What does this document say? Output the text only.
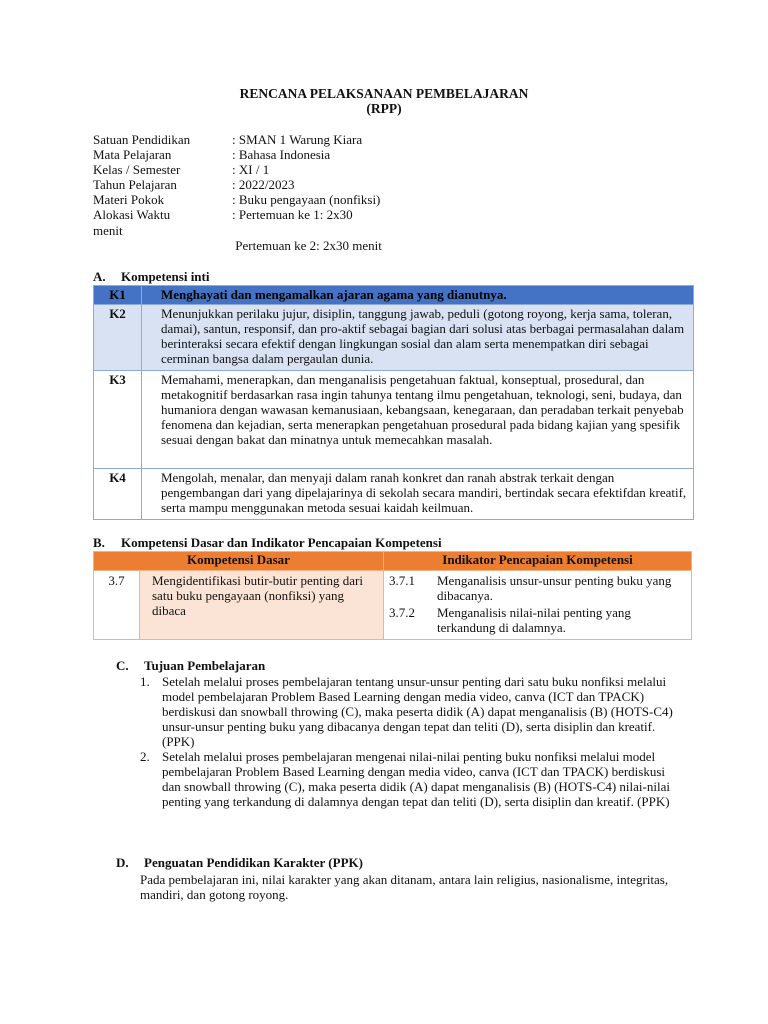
RENCANA PELAKSANAAN PEMBELAJARAN
(RPP)
Satuan Pendidikan	: SMAN 1 Warung Kiara
Mata Pelajaran	: Bahasa Indonesia
Kelas / Semester	: XI / 1
Tahun Pelajaran	: 2022/2023
Materi Pokok	: Buku pengayaan (nonfiksi)
Alokasi Waktu	: Pertemuan ke 1: 2x30
menit
Pertemuan ke 2: 2x30 menit
A. Kompetensi inti
K1	Menghayati dan mengamalkan ajaran agama yang dianutnya.
K2	Menunjukkan perilaku jujur, disiplin, tanggung jawab, peduli (gotong royong, kerja sama, toleran, damai), santun, responsif, dan pro-aktif sebagai bagian dari solusi atas berbagai permasalahan dalam berinteraksi secara efektif dengan lingkungan sosial dan alam serta menempatkan diri sebagai cerminan bangsa dalam pergaulan dunia.
K3	Memahami, menerapkan, dan menganalisis pengetahuan faktual, konseptual, prosedural, dan metakognitif berdasarkan rasa ingin tahunya tentang ilmu pengetahuan, teknologi, seni, budaya, dan humaniora dengan wawasan kemanusiaan, kebangsaan, kenegaraan, dan peradaban terkait penyebab fenomena dan kejadian, serta menerapkan pengetahuan prosedural pada bidang kajian yang spesifik sesuai dengan bakat dan minatnya untuk memecahkan masalah.
K4	Mengolah, menalar, dan menyaji dalam ranah konkret dan ranah abstrak terkait dengan pengembangan dari yang dipelajarinya di sekolah secara mandiri, bertindak secara efektifdan kreatif, serta mampu menggunakan metoda sesuai kaidah keilmuan.
B. Kompetensi Dasar dan Indikator Pencapaian Kompetensi
Kompetensi Dasar		Indikator Pencapaian Kompetensi
3.7	Mengidentifikasi butir-butir penting dari satu buku pengayaan (nonfiksi) yang dibaca	3.7.1 Menganalisis unsur-unsur penting buku yang dibacanya.
3.7.2 Menganalisis nilai-nilai penting yang terkandung di dalamnya.
C. Tujuan Pembelajaran
1. Setelah melalui proses pembelajaran tentang unsur-unsur penting dari satu buku nonfiksi melalui model pembelajaran Problem Based Learning dengan media video, canva (ICT dan TPACK) berdiskusi dan snowball throwing (C), maka peserta didik (A) dapat menganalisis (B) (HOTS-C4) unsur-unsur penting buku yang dibacanya dengan tepat dan teliti (D), serta disiplin dan kreatif. (PPK)
2. Setelah melalui proses pembelajaran mengenai nilai-nilai penting buku nonfiksi melalui model pembelajaran Problem Based Learning dengan media video, canva (ICT dan TPACK) berdiskusi dan snowball throwing (C), maka peserta didik (A) dapat menganalisis (B) (HOTS-C4) nilai-nilai penting yang terkandung di dalamnya dengan tepat dan teliti (D), serta disiplin dan kreatif. (PPK)
D. Penguatan Pendidikan Karakter (PPK)
Pada pembelajaran ini, nilai karakter yang akan ditanam, antara lain religius, nasionalisme, integritas, mandiri, dan gotong royong.
